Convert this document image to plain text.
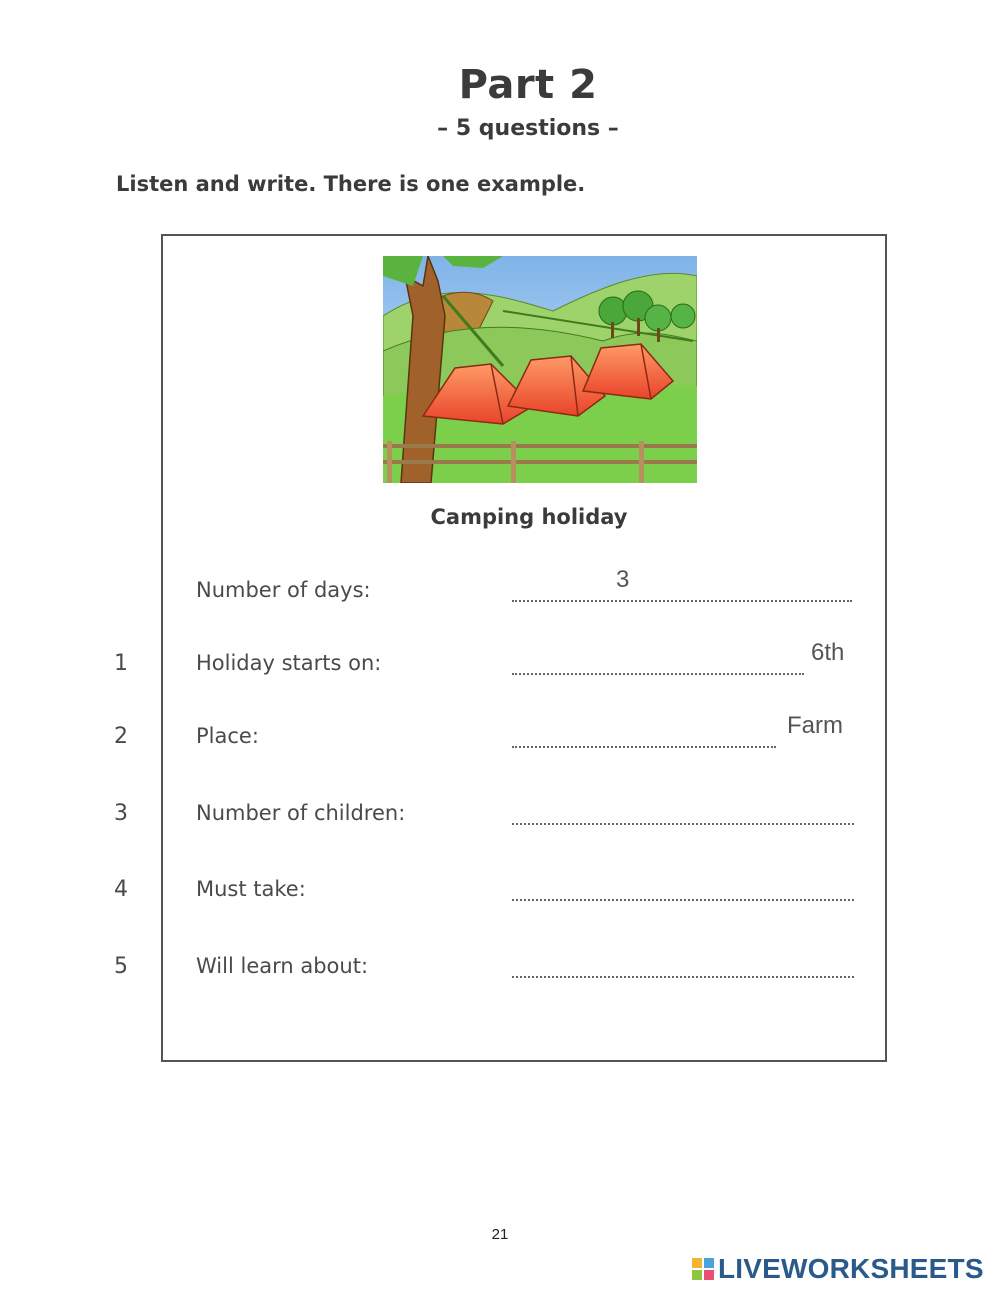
Part 2
– 5 questions –
Listen and write. There is one example.
Camping holiday
Number of days:	3
1	Holiday starts on:	6th
2	Place:	Farm
3	Number of children:
4	Must take:
5	Will learn about:
21
LIVEWORKSHEETS
